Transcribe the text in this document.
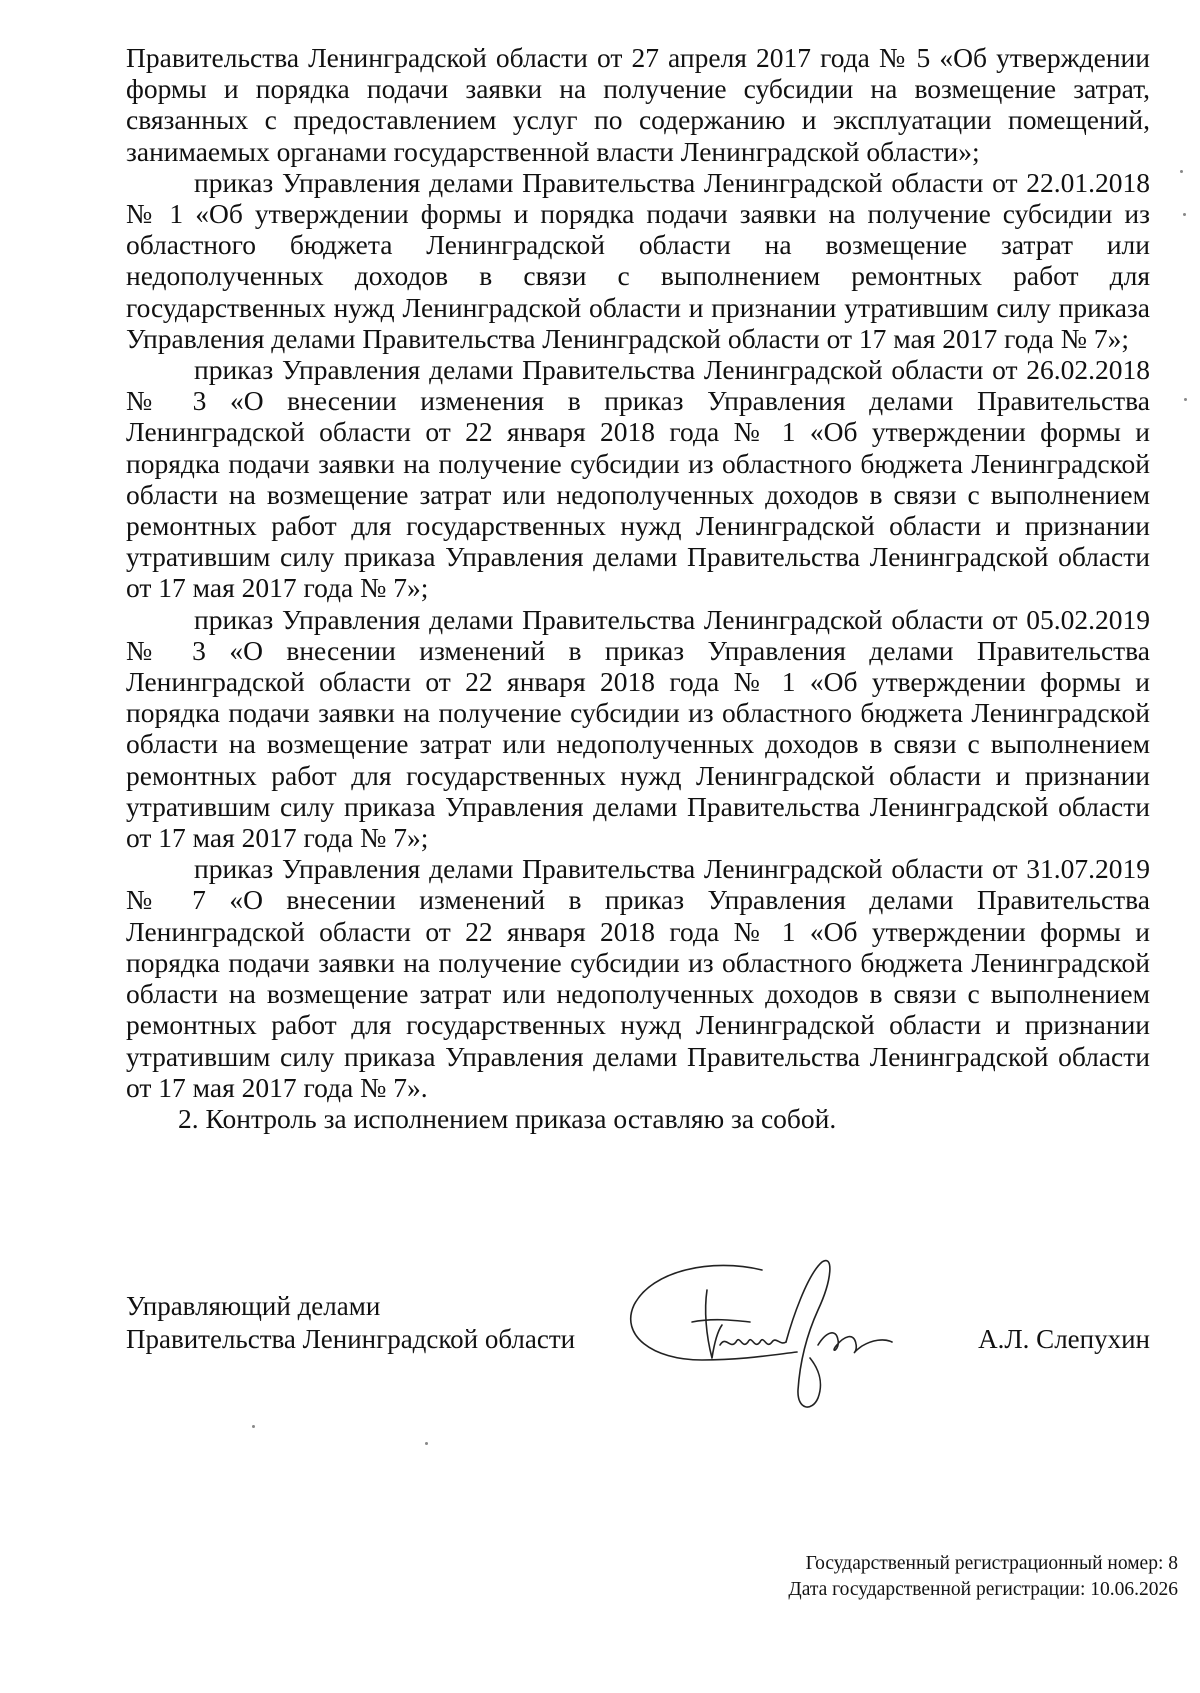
Правительства Ленинградской области от 27 апреля 2017 года № 5 «Об утверждении формы и порядка подачи заявки на получение субсидии на возмещение затрат, связанных с предоставлением услуг по содержанию и эксплуатации помещений, занимаемых органами государственной власти Ленинградской области»;

приказ Управления делами Правительства Ленинградской области от 22.01.2018 № 1 «Об утверждении формы и порядка подачи заявки на получение субсидии из областного бюджета Ленинградской области на возмещение затрат или недополученных доходов в связи с выполнением ремонтных работ для государственных нужд Ленинградской области и признании утратившим силу приказа Управления делами Правительства Ленинградской области от 17 мая 2017 года № 7»;

приказ Управления делами Правительства Ленинградской области от 26.02.2018 № 3 «О внесении изменения в приказ Управления делами Правительства Ленинградской области от 22 января 2018 года № 1 «Об утверждении формы и порядка подачи заявки на получение субсидии из областного бюджета Ленинградской области на возмещение затрат или недополученных доходов в связи с выполнением ремонтных работ для государственных нужд Ленинградской области и признании утратившим силу приказа Управления делами Правительства Ленинградской области от 17 мая 2017 года № 7»;

приказ Управления делами Правительства Ленинградской области от 05.02.2019 № 3 «О внесении изменений в приказ Управления делами Правительства Ленинградской области от 22 января 2018 года № 1 «Об утверждении формы и порядка подачи заявки на получение субсидии из областного бюджета Ленинградской области на возмещение затрат или недополученных доходов в связи с выполнением ремонтных работ для государственных нужд Ленинградской области и признании утратившим силу приказа Управления делами Правительства Ленинградской области от 17 мая 2017 года № 7»;

приказ Управления делами Правительства Ленинградской области от 31.07.2019 № 7 «О внесении изменений в приказ Управления делами Правительства Ленинградской области от 22 января 2018 года № 1 «Об утверждении формы и порядка подачи заявки на получение субсидии из областного бюджета Ленинградской области на возмещение затрат или недополученных доходов в связи с выполнением ремонтных работ для государственных нужд Ленинградской области и признании утратившим силу приказа Управления делами Правительства Ленинградской области от 17 мая 2017 года № 7».

2. Контроль за исполнением приказа оставляю за собой.

Управляющий делами
Правительства Ленинградской области	А.Л. Слепухин
Государственный регистрационный номер: 8
Дата государственной регистрации: 10.06.2026
